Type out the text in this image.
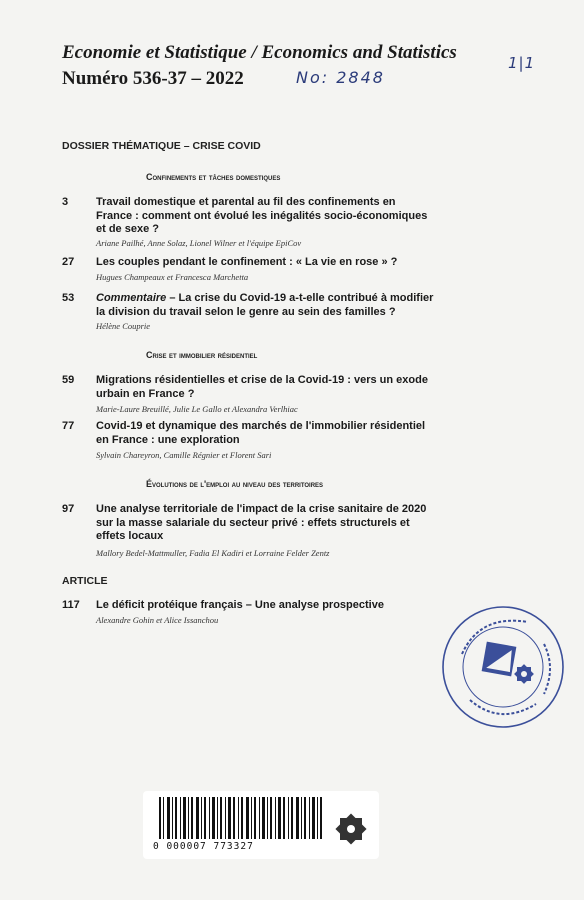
Economie et Statistique / Economics and Statistics
Numéro 536-37 – 2022	No: 2848
1|1
DOSSIER THÉMATIQUE – CRISE COVID
Confinements et tâches domestiques
3	Travail domestique et parental au fil des confinements en
France : comment ont évolué les inégalités socio-économiques
et de sexe ?
Ariane Pailhé, Anne Solaz, Lionel Wilner et l'équipe EpiCov
27	Les couples pendant le confinement : « La vie en rose » ?
Hugues Champeaux et Francesca Marchetta
53	Commentaire – La crise du Covid-19 a-t-elle contribué à modifier
la division du travail selon le genre au sein des familles ?
Hélène Couprie
Crise et immobilier résidentiel
59	Migrations résidentielles et crise de la Covid-19 : vers un exode
urbain en France ?
Marie-Laure Breuillé, Julie Le Gallo et Alexandra Verlhiac
77	Covid-19 et dynamique des marchés de l'immobilier résidentiel
en France : une exploration
Sylvain Chareyron, Camille Régnier et Florent Sari
Évolutions de l'emploi au niveau des territoires
97	Une analyse territoriale de l'impact de la crise sanitaire de 2020
sur la masse salariale du secteur privé : effets structurels et
effets locaux
Mallory Bedel-Mattmuller, Fadia El Kadiri et Lorraine Felder Zentz
ARTICLE
117	Le déficit protéique français – Une analyse prospective
Alexandre Gohin et Alice Issanchou
0 000007 773327
